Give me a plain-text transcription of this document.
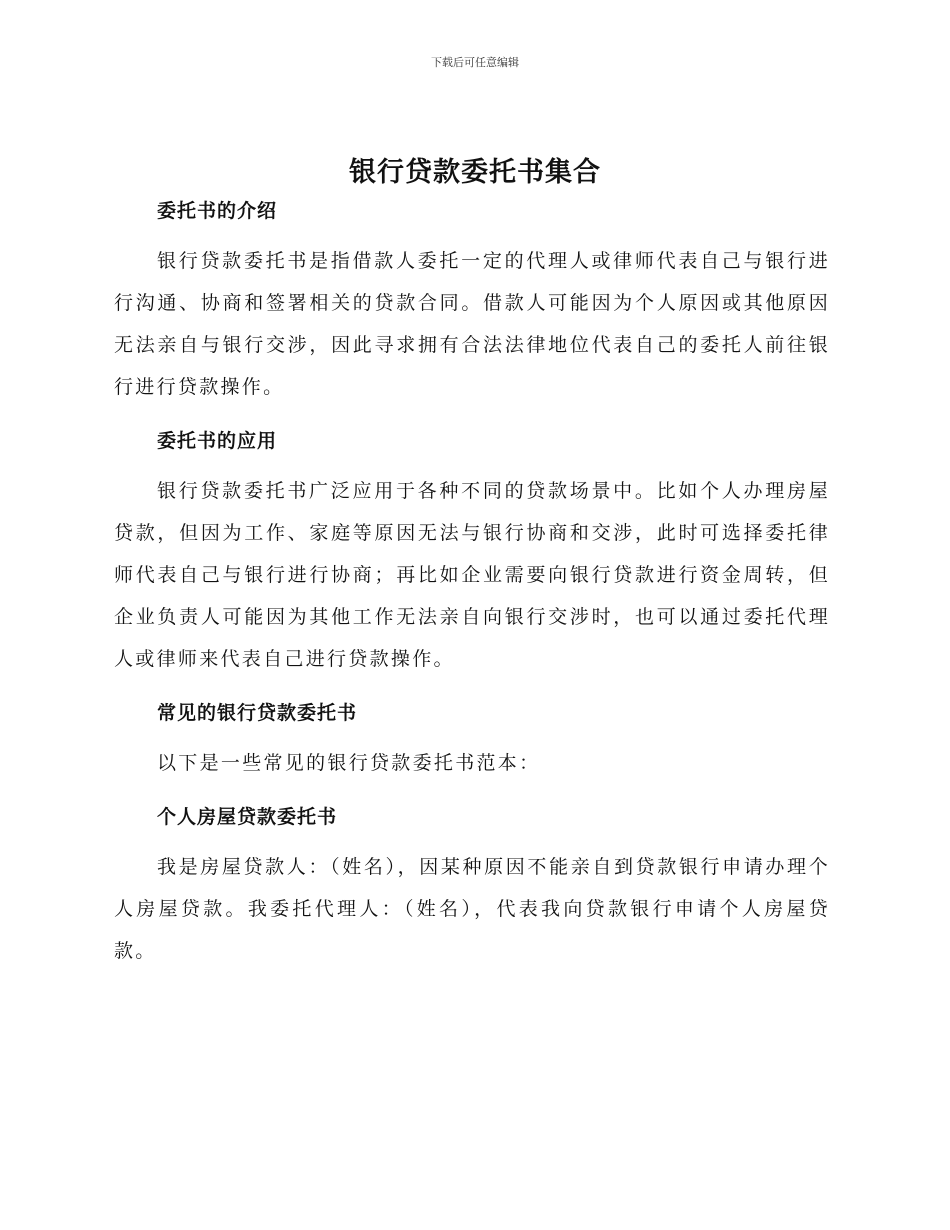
下载后可任意编辑
银行贷款委托书集合
委托书的介绍

银行贷款委托书是指借款人委托一定的代理人或律师代表自己与银行进行沟通、协商和签署相关的贷款合同。借款人可能因为个人原因或其他原因无法亲自与银行交涉，因此寻求拥有合法法律地位代表自己的委托人前往银行进行贷款操作。

委托书的应用

银行贷款委托书广泛应用于各种不同的贷款场景中。比如个人办理房屋贷款，但因为工作、家庭等原因无法与银行协商和交涉，此时可选择委托律师代表自己与银行进行协商；再比如企业需要向银行贷款进行资金周转，但企业负责人可能因为其他工作无法亲自向银行交涉时，也可以通过委托代理人或律师来代表自己进行贷款操作。

常见的银行贷款委托书

以下是一些常见的银行贷款委托书范本：

个人房屋贷款委托书

我是房屋贷款人：（姓名），因某种原因不能亲自到贷款银行申请办理个人房屋贷款。我委托代理人：（姓名），代表我向贷款银行申请个人房屋贷款。
